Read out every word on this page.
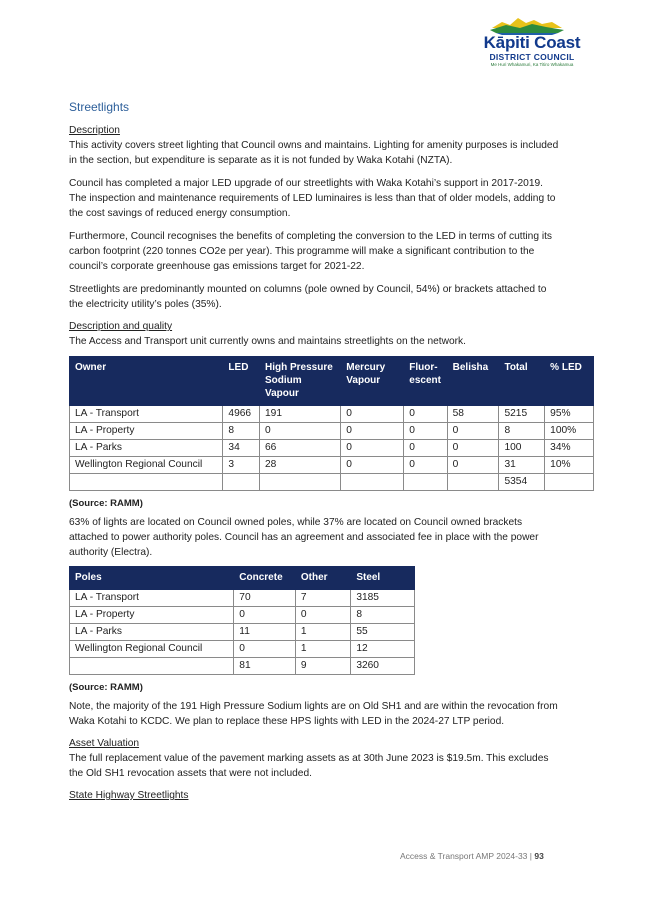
Kāpiti Coast
DISTRICT COUNCIL
Me Huri Whakamuri, Ka Titiro Whakamua
Streetlights
Description

This activity covers street lighting that Council owns and maintains. Lighting for amenity purposes is included in the section, but expenditure is separate as it is not funded by Waka Kotahi (NZTA).

Council has completed a major LED upgrade of our streetlights with Waka Kotahi’s support in 2017-2019. The inspection and maintenance requirements of LED luminaires is less than that of older models, adding to the cost savings of reduced energy consumption.

Furthermore, Council recognises the benefits of completing the conversion to the LED in terms of cutting its carbon footprint (220 tonnes CO2e per year). This programme will make a significant contribution to the council’s corporate greenhouse gas emissions target for 2021-22.

Streetlights are predominantly mounted on columns (pole owned by Council, 54%) or brackets attached to the electricity utility’s poles (35%).

Description and quality

The Access and Transport unit currently owns and maintains streetlights on the network.

Owner	LED	High Pressure Sodium Vapour	Mercury Vapour	Fluor-escent	Belisha	Total	% LED
LA - Transport	4966	191	0	0	58	5215	95%
LA - Property	8	0	0	0	0	8	100%
LA - Parks	34	66	0	0	0	100	34%
Wellington Regional Council	3	28	0	0	0	31	10%
						5354	
(Source: RAMM)

63% of lights are located on Council owned poles, while 37% are located on Council owned brackets attached to power authority poles. Council has an agreement and associated fee in place with the power authority (Electra).

Poles	Concrete	Other	Steel
LA - Transport	70	7	3185
LA - Property	0	0	8
LA - Parks	11	1	55
Wellington Regional Council	0	1	12
	81	9	3260
(Source: RAMM)

Note, the majority of the 191 High Pressure Sodium lights are on Old SH1 and are within the revocation from Waka Kotahi to KCDC. We plan to replace these HPS lights with LED in the 2024-27 LTP period.

Asset Valuation

The full replacement value of the pavement marking assets as at 30th June 2023 is $19.5m. This excludes the Old SH1 revocation assets that were not included.

State Highway Streetlights
Access & Transport AMP 2024-33 | 93
